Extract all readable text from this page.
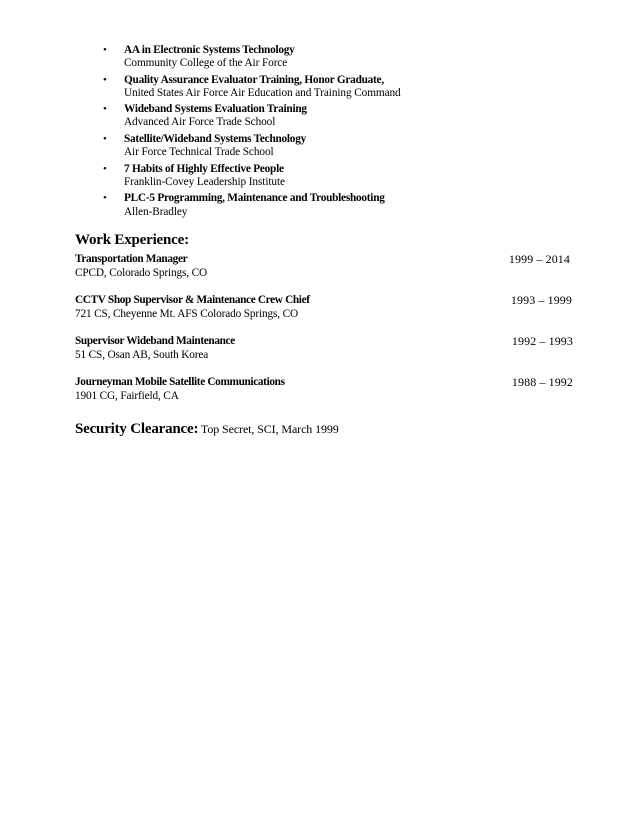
• AA in Electronic Systems Technology
Community College of the Air Force
• Quality Assurance Evaluator Training, Honor Graduate,
United States Air Force Air Education and Training Command
• Wideband Systems Evaluation Training
Advanced Air Force Trade School
• Satellite/Wideband Systems Technology
Air Force Technical Trade School
• 7 Habits of Highly Effective People
Franklin-Covey Leadership Institute
• PLC-5 Programming, Maintenance and Troubleshooting
Allen-Bradley
Work Experience:
Transportation Manager	1999 – 2014
CPCD, Colorado Springs, CO
CCTV Shop Supervisor & Maintenance Crew Chief	1993 – 1999
721 CS, Cheyenne Mt. AFS Colorado Springs, CO
Supervisor Wideband Maintenance	1992 – 1993
51 CS, Osan AB, South Korea
Journeyman Mobile Satellite Communications	1988 – 1992
1901 CG, Fairfield, CA
Security Clearance: Top Secret, SCI, March 1999
